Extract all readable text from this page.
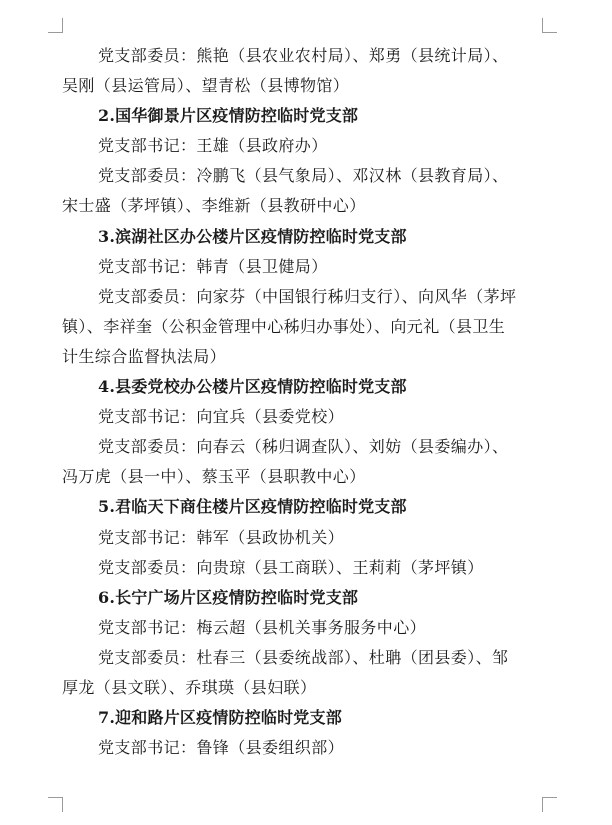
党支部委员：熊艳（县农业农村局）、郑勇（县统计局）、
吴刚（县运管局）、望青松（县博物馆）
2.国华御景片区疫情防控临时党支部
党支部书记：王雄（县政府办）
党支部委员：冷鹏飞（县气象局）、邓汉林（县教育局）、
宋士盛（茅坪镇）、李维新（县教研中心）
3.滨湖社区办公楼片区疫情防控临时党支部
党支部书记：韩青（县卫健局）
党支部委员：向家芬（中国银行秭归支行）、向风华（茅坪
镇）、李祥奎（公积金管理中心秭归办事处）、向元礼（县卫生
计生综合监督执法局）
4.县委党校办公楼片区疫情防控临时党支部
党支部书记：向宜兵（县委党校）
党支部委员：向春云（秭归调查队）、刘妨（县委编办）、
冯万虎（县一中）、蔡玉平（县职教中心）
5.君临天下商住楼片区疫情防控临时党支部
党支部书记：韩军（县政协机关）
党支部委员：向贵琼（县工商联）、王莉莉（茅坪镇）
6.长宁广场片区疫情防控临时党支部
党支部书记：梅云超（县机关事务服务中心）
党支部委员：杜春三（县委统战部）、杜聃（团县委）、邹
厚龙（县文联）、乔琪瑛（县妇联）
7.迎和路片区疫情防控临时党支部
党支部书记：鲁锋（县委组织部）
